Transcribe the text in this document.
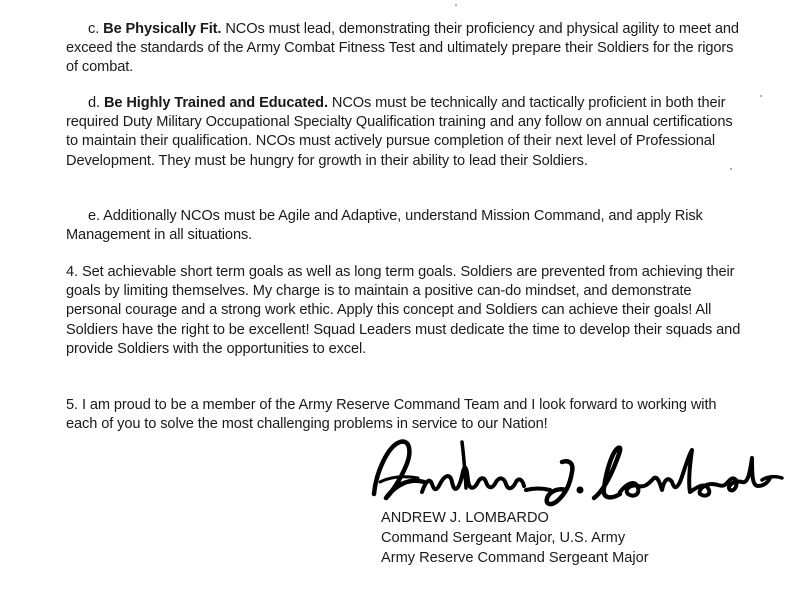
c. Be Physically Fit. NCOs must lead, demonstrating their proficiency and physical agility to meet and exceed the standards of the Army Combat Fitness Test and ultimately prepare their Soldiers for the rigors of combat.

d. Be Highly Trained and Educated. NCOs must be technically and tactically proficient in both their required Duty Military Occupational Specialty Qualification training and any follow on annual certifications to maintain their qualification. NCOs must actively pursue completion of their next level of Professional Development. They must be hungry for growth in their ability to lead their Soldiers.

e. Additionally NCOs must be Agile and Adaptive, understand Mission Command, and apply Risk Management in all situations.

4. Set achievable short term goals as well as long term goals. Soldiers are prevented from achieving their goals by limiting themselves. My charge is to maintain a positive can-do mindset, and demonstrate personal courage and a strong work ethic. Apply this concept and Soldiers can achieve their goals! All Soldiers have the right to be excellent! Squad Leaders must dedicate the time to develop their squads and provide Soldiers with the opportunities to excel.

5. I am proud to be a member of the Army Reserve Command Team and I look forward to working with each of you to solve the most challenging problems in service to our Nation!

ANDREW J. LOMBARDO
Command Sergeant Major, U.S. Army
Army Reserve Command Sergeant Major
